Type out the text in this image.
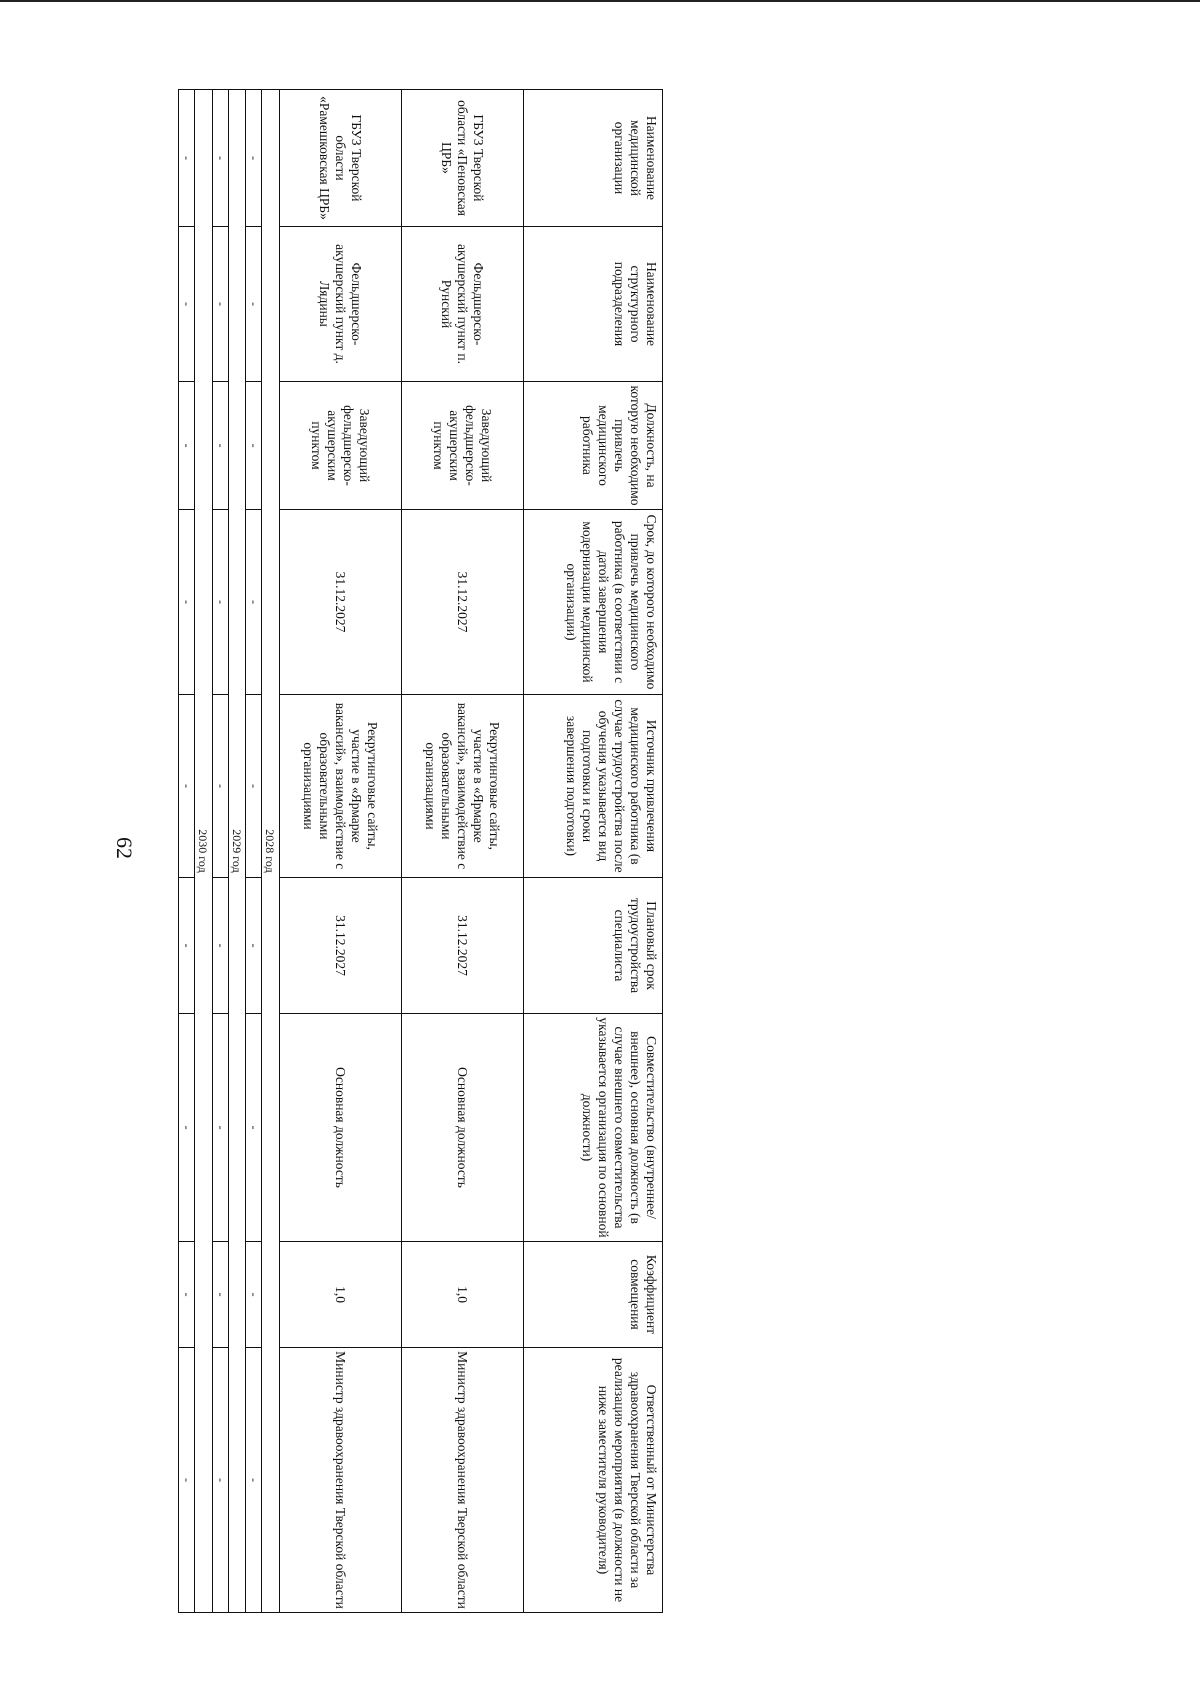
62
Наименование медицинской организации	Наименование структурного подразделения	Должность, на которую необходимо привлечь медицинского работника	Срок, до которого необходимо привлечь медицинского работника (в соответствии с датой завершения модернизации медицинской организации)	Источник привлечения медицинского работника (в случае трудоустройства после обучения указывается вид подготовки и сроки завершения подготовки)	Плановый срок трудоустройства специалиста	Совместительство (внутреннее/внешнее), основная должность (в случае внешнего совместительства указывается организация по основной должности)	Коэффициент совмещения	Ответственный от Министерства здравоохранения Тверской области за реализацию мероприятия (в должности не ниже заместителя руководителя)
ГБУЗ Тверской области «Пеновская ЦРБ»	Фельдшерско-акушерский пункт п. Рунский	Заведующий фельдшерско-акушерским пунктом	31.12.2027	Рекрутинговые сайты, участие в «Ярмарке вакансий», взаимодействие с образовательными организациями	31.12.2027	Основная должность	1,0	Министр здравоохранения Тверской области
ГБУЗ Тверской области «Рамешковская ЦРБ»	Фельдшерско-акушерский пункт д. Лядины	Заведующий фельдшерско-акушерским пунктом	31.12.2027	Рекрутинговые сайты, участие в «Ярмарке вакансий», взаимодействие с образовательными организациями	31.12.2027	Основная должность	1,0	Министр здравоохранения Тверской области
2028 год								
-	-	-	-	-	-	-	-	-
2029 год								
-	-	-	-	-	-	-	-	-
2030 год								
-	-	-	-	-	-	-	-	-
